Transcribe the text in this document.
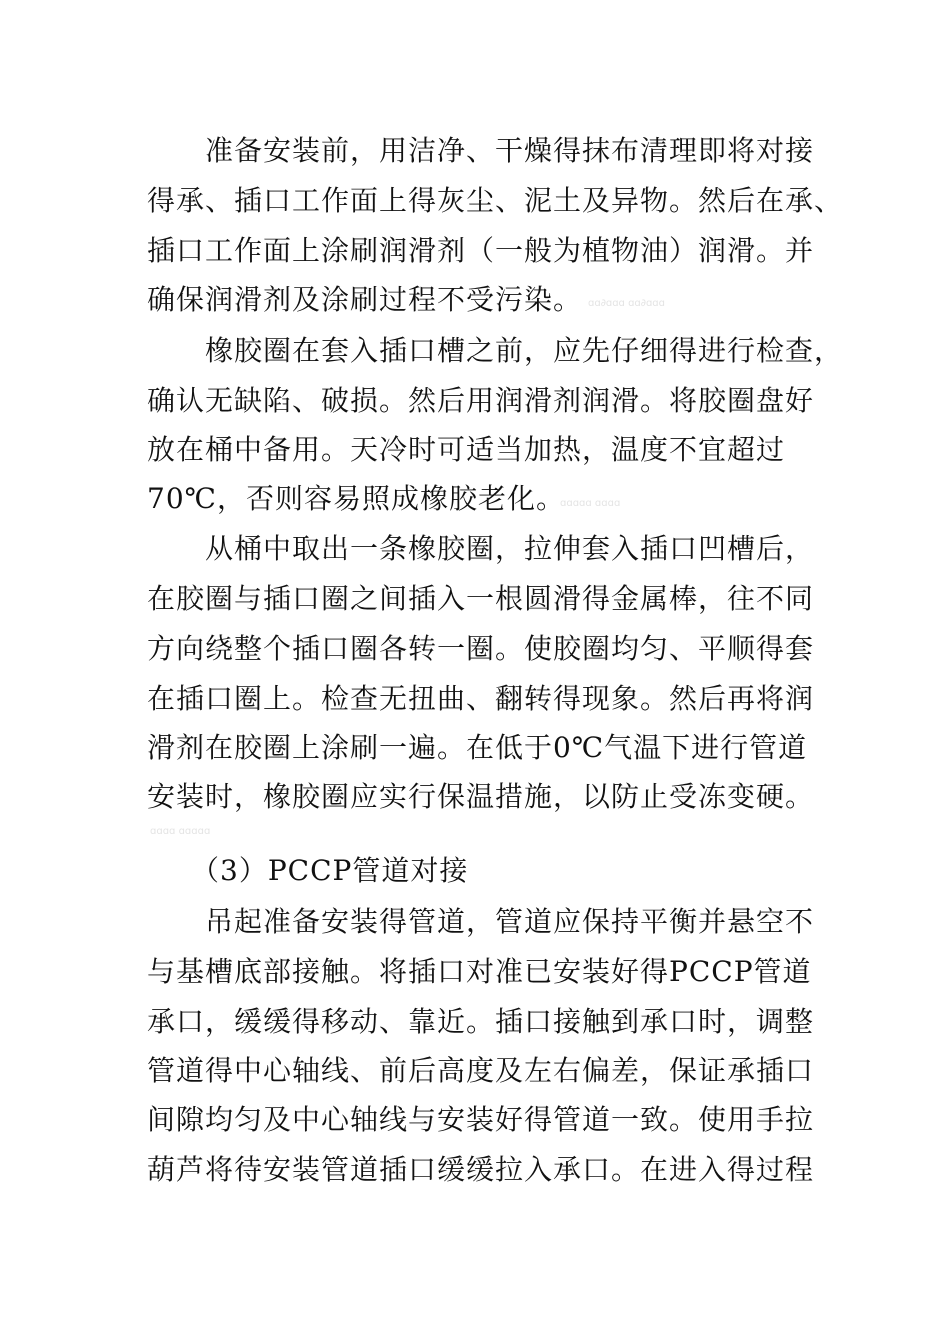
　　准备安装前，用洁净、干燥得抹布清理即将对接
得承、插口工作面上得灰尘、泥土及异物。然后在承、
插口工作面上涂刷润滑剂（一般为植物油）润滑。并
确保润滑剂及涂刷过程不受污染。
　　橡胶圈在套入插口槽之前，应先仔细得进行检查，
确认无缺陷、破损。然后用润滑剂润滑。将胶圈盘好
放在桶中备用。天冷时可适当加热，温度不宜超过
70℃，否则容易照成橡胶老化。
　　从桶中取出一条橡胶圈，拉伸套入插口凹槽后，
在胶圈与插口圈之间插入一根圆滑得金属棒，往不同
方向绕整个插口圈各转一圈。使胶圈均匀、平顺得套
在插口圈上。检查无扭曲、翻转得现象。然后再将润
滑剂在胶圈上涂刷一遍。在低于0℃气温下进行管道
安装时，橡胶圈应实行保温措施，以防止受冻变硬。
　　（3）PCCP管道对接
　　吊起准备安装得管道，管道应保持平衡并悬空不
与基槽底部接触。将插口对准已安装好得PCCP管道
承口，缓缓得移动、靠近。插口接触到承口时，调整
管道得中心轴线、前后高度及左右偏差，保证承插口
间隙均匀及中心轴线与安装好得管道一致。使用手拉
葫芦将待安装管道插口缓缓拉入承口。在进入得过程
ɑɑ∂ɑɑɑ ɑɑ∂ɑɑɑ
ɑɑɑɑɑ ɑɑɑɑ
ɑɑɑɑ ɑɑɑɑɑ
